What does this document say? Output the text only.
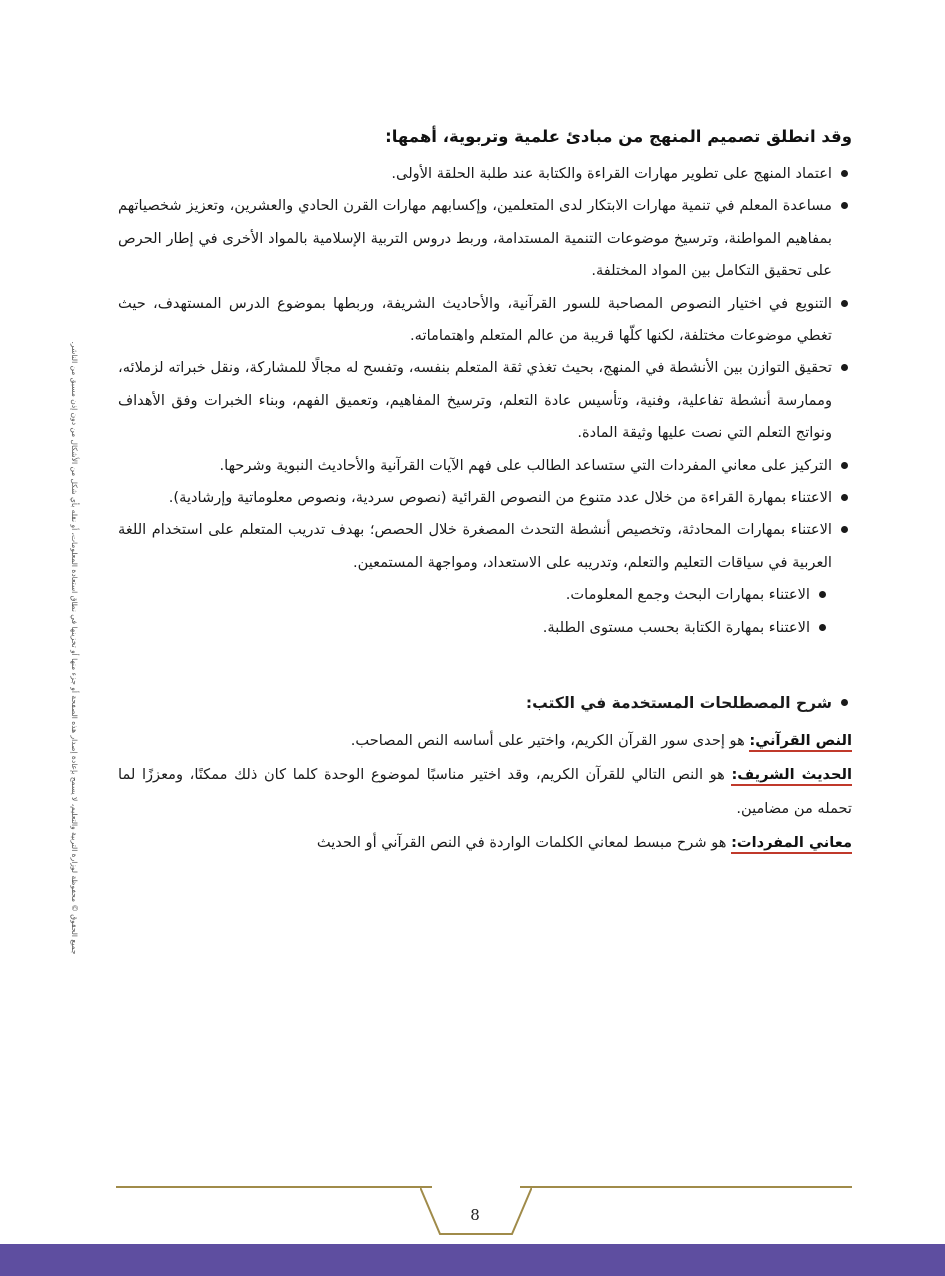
جميع الحقوق © محفوظة لوزارة التربية والتعليم، لا يسمح بإعادة إصدار هذه الصفحة أو جزء منها أو تخزينها في نطاق استعادة المعلومات، أو نقله بأي شكل من الأشكال من دون إذن مسبق من الناشر.
وقد انطلق تصميم المنهج من مبادئ علمية وتربوية، أهمها:
اعتماد المنهج على تطوير مهارات القراءة والكتابة عند طلبة الحلقة الأولى.
مساعدة المعلم في تنمية مهارات الابتكار لدى المتعلمين، وإكسابهم مهارات القرن الحادي والعشرين، وتعزيز شخصياتهم بمفاهيم المواطنة، وترسيخ موضوعات التنمية المستدامة، وربط دروس التربية الإسلامية بالمواد الأخرى في إطار الحرص على تحقيق التكامل بين المواد المختلفة.
التنويع في اختيار النصوص المصاحبة للسور القرآنية، والأحاديث الشريفة، وربطها بموضوع الدرس المستهدف، حيث تغطي موضوعات مختلفة، لكنها كلّها قريبة من عالم المتعلم واهتماماته.
تحقيق التوازن بين الأنشطة في المنهج، بحيث تغذي ثقة المتعلم بنفسه، وتفسح له مجالًا للمشاركة، ونقل خبراته لزملائه، وممارسة أنشطة تفاعلية، وفنية، وتأسيس عادة التعلم، وترسيخ المفاهيم، وتعميق الفهم، وبناء الخبرات وفق الأهداف ونواتج التعلم التي نصت عليها وثيقة المادة.
التركيز على معاني المفردات التي ستساعد الطالب على فهم الآيات القرآنية والأحاديث النبوية وشرحها.
الاعتناء بمهارة القراءة من خلال عدد متنوع من النصوص القرائية (نصوص سردية، ونصوص معلوماتية وإرشادية).
الاعتناء بمهارات المحادثة، وتخصيص أنشطة التحدث المصغرة خلال الحصص؛ بهدف تدريب المتعلم على استخدام اللغة العربية في سياقات التعليم والتعلم، وتدريبه على الاستعداد، ومواجهة المستمعين.
الاعتناء بمهارات البحث وجمع المعلومات.
الاعتناء بمهارة الكتابة بحسب مستوى الطلبة.
شرح المصطلحات المستخدمة في الكتب:
النص القرآني: هو إحدى سور القرآن الكريم، واختير على أساسه النص المصاحب.
الحديث الشريف: هو النص التالي للقرآن الكريم، وقد اختير مناسبًا لموضوع الوحدة كلما كان ذلك ممكنًا، ومعززًا لما تحمله من مضامين.
معاني المفردات: هو شرح مبسط لمعاني الكلمات الواردة في النص القرآني أو الحديث
8
